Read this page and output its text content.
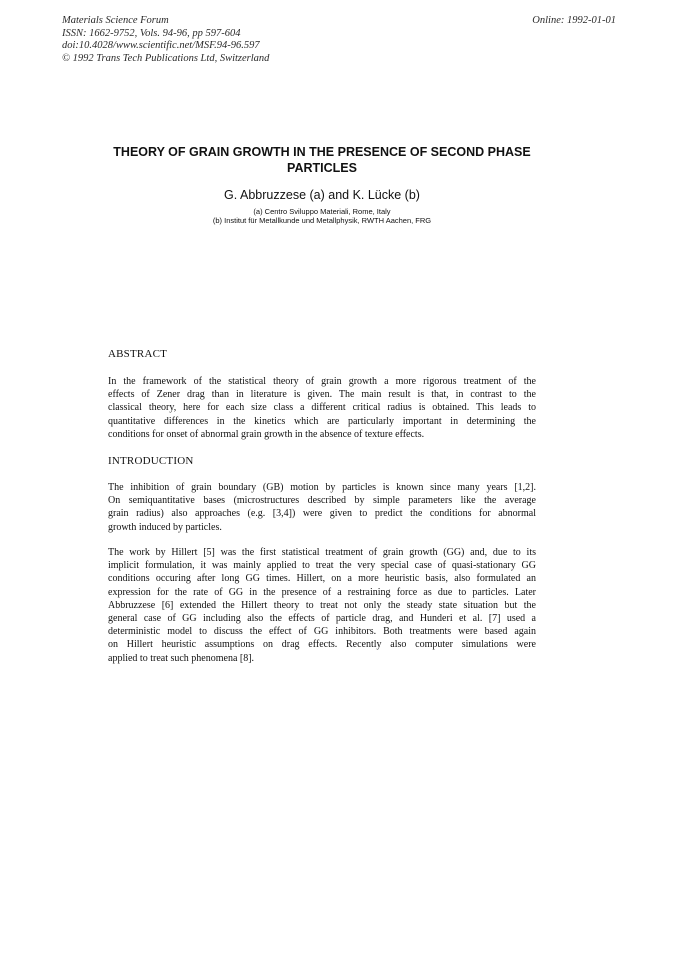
Materials Science Forum
ISSN: 1662-9752, Vols. 94-96, pp 597-604
doi:10.4028/www.scientific.net/MSF.94-96.597
© 1992 Trans Tech Publications Ltd, Switzerland
Online: 1992-01-01
THEORY OF GRAIN GROWTH IN THE PRESENCE OF SECOND PHASE
PARTICLES
G. Abbruzzese (a) and K. Lücke (b)
(a) Centro Sviluppo Materiali, Rome, Italy
(b) Institut für Metallkunde und Metallphysik, RWTH Aachen, FRG
ABSTRACT
In the framework of the statistical theory of grain growth a more rigorous treatment of the
effects of Zener drag than in literature is given. The main result is that, in contrast to the
classical theory, here for each size class a different critical radius is obtained. This leads to
quantitative differences in the kinetics which are particularly important in determining the
conditions for onset of abnormal grain growth in the absence of texture effects.
INTRODUCTION
The inhibition of grain boundary (GB) motion by particles is known since many years [1,2].
On semiquantitative bases (microstructures described by simple parameters like the average
grain radius) also approaches (e.g. [3,4]) were given to predict the conditions for abnormal
growth induced by particles.
The work by Hillert [5] was the first statistical treatment of grain growth (GG) and, due to its
implicit formulation, it was mainly applied to treat the very special case of quasi-stationary GG
conditions occuring after long GG times. Hillert, on a more heuristic basis, also formulated an
expression for the rate of GG in the presence of a restraining force as due to particles. Later
Abbruzzese [6] extended the Hillert theory to treat not only the steady state situation but the
general case of GG including also the effects of particle drag, and Hunderi et al. [7] used a
deterministic model to discuss the effect of GG inhibitors. Both treatments were based again
on Hillert heuristic assumptions on drag effects. Recently also computer simulations were
applied to treat such phenomena [8].
